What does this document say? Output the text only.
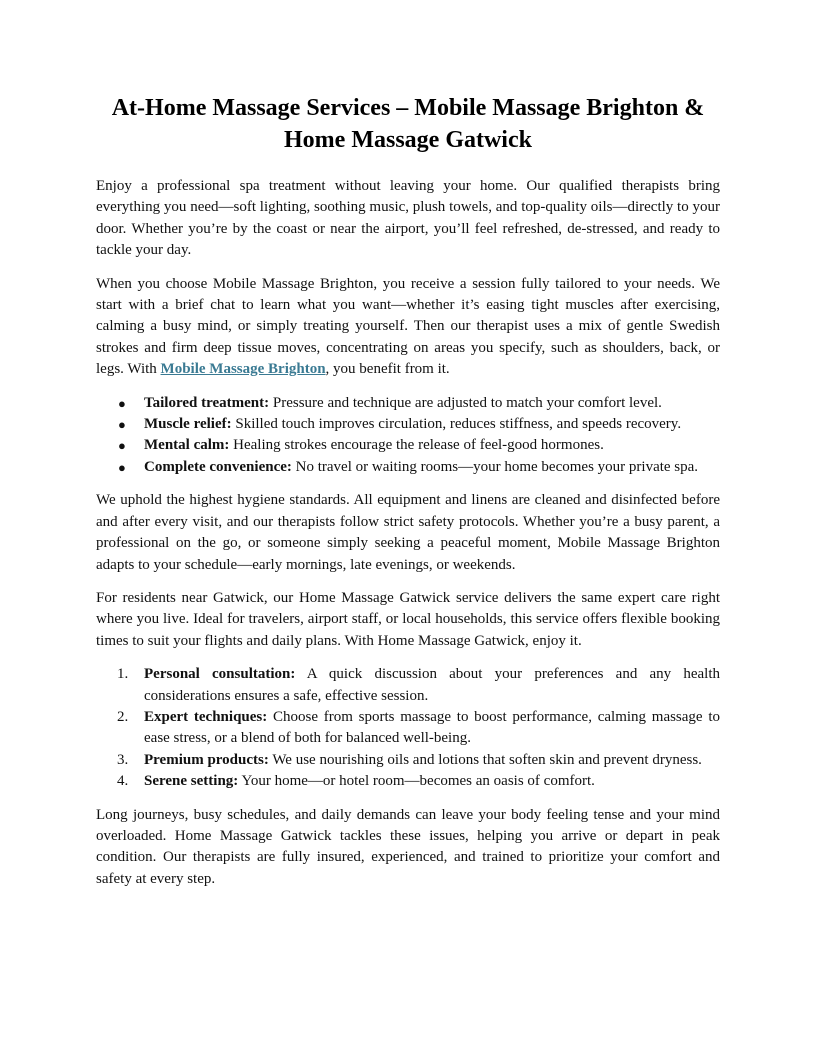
At-Home Massage Services – Mobile Massage Brighton & Home Massage Gatwick

Enjoy a professional spa treatment without leaving your home. Our qualified therapists bring everything you need—soft lighting, soothing music, plush towels, and top-quality oils—directly to your door. Whether you’re by the coast or near the airport, you’ll feel refreshed, de-stressed, and ready to tackle your day.

When you choose Mobile Massage Brighton, you receive a session fully tailored to your needs. We start with a brief chat to learn what you want—whether it’s easing tight muscles after exercising, calming a busy mind, or simply treating yourself. Then our therapist uses a mix of gentle Swedish strokes and firm deep tissue moves, concentrating on areas you specify, such as shoulders, back, or legs. With Mobile Massage Brighton, you benefit from it.

● Tailored treatment: Pressure and technique are adjusted to match your comfort level.
● Muscle relief: Skilled touch improves circulation, reduces stiffness, and speeds recovery.
● Mental calm: Healing strokes encourage the release of feel-good hormones.
● Complete convenience: No travel or waiting rooms—your home becomes your private spa.

We uphold the highest hygiene standards. All equipment and linens are cleaned and disinfected before and after every visit, and our therapists follow strict safety protocols. Whether you’re a busy parent, a professional on the go, or someone simply seeking a peaceful moment, Mobile Massage Brighton adapts to your schedule—early mornings, late evenings, or weekends.

For residents near Gatwick, our Home Massage Gatwick service delivers the same expert care right where you live. Ideal for travelers, airport staff, or local households, this service offers flexible booking times to suit your flights and daily plans. With Home Massage Gatwick, enjoy it.

1. Personal consultation: A quick discussion about your preferences and any health considerations ensures a safe, effective session.
2. Expert techniques: Choose from sports massage to boost performance, calming massage to ease stress, or a blend of both for balanced well-being.
3. Premium products: We use nourishing oils and lotions that soften skin and prevent dryness.
4. Serene setting: Your home—or hotel room—becomes an oasis of comfort.

Long journeys, busy schedules, and daily demands can leave your body feeling tense and your mind overloaded. Home Massage Gatwick tackles these issues, helping you arrive or depart in peak condition. Our therapists are fully insured, experienced, and trained to prioritize your comfort and safety at every step.
